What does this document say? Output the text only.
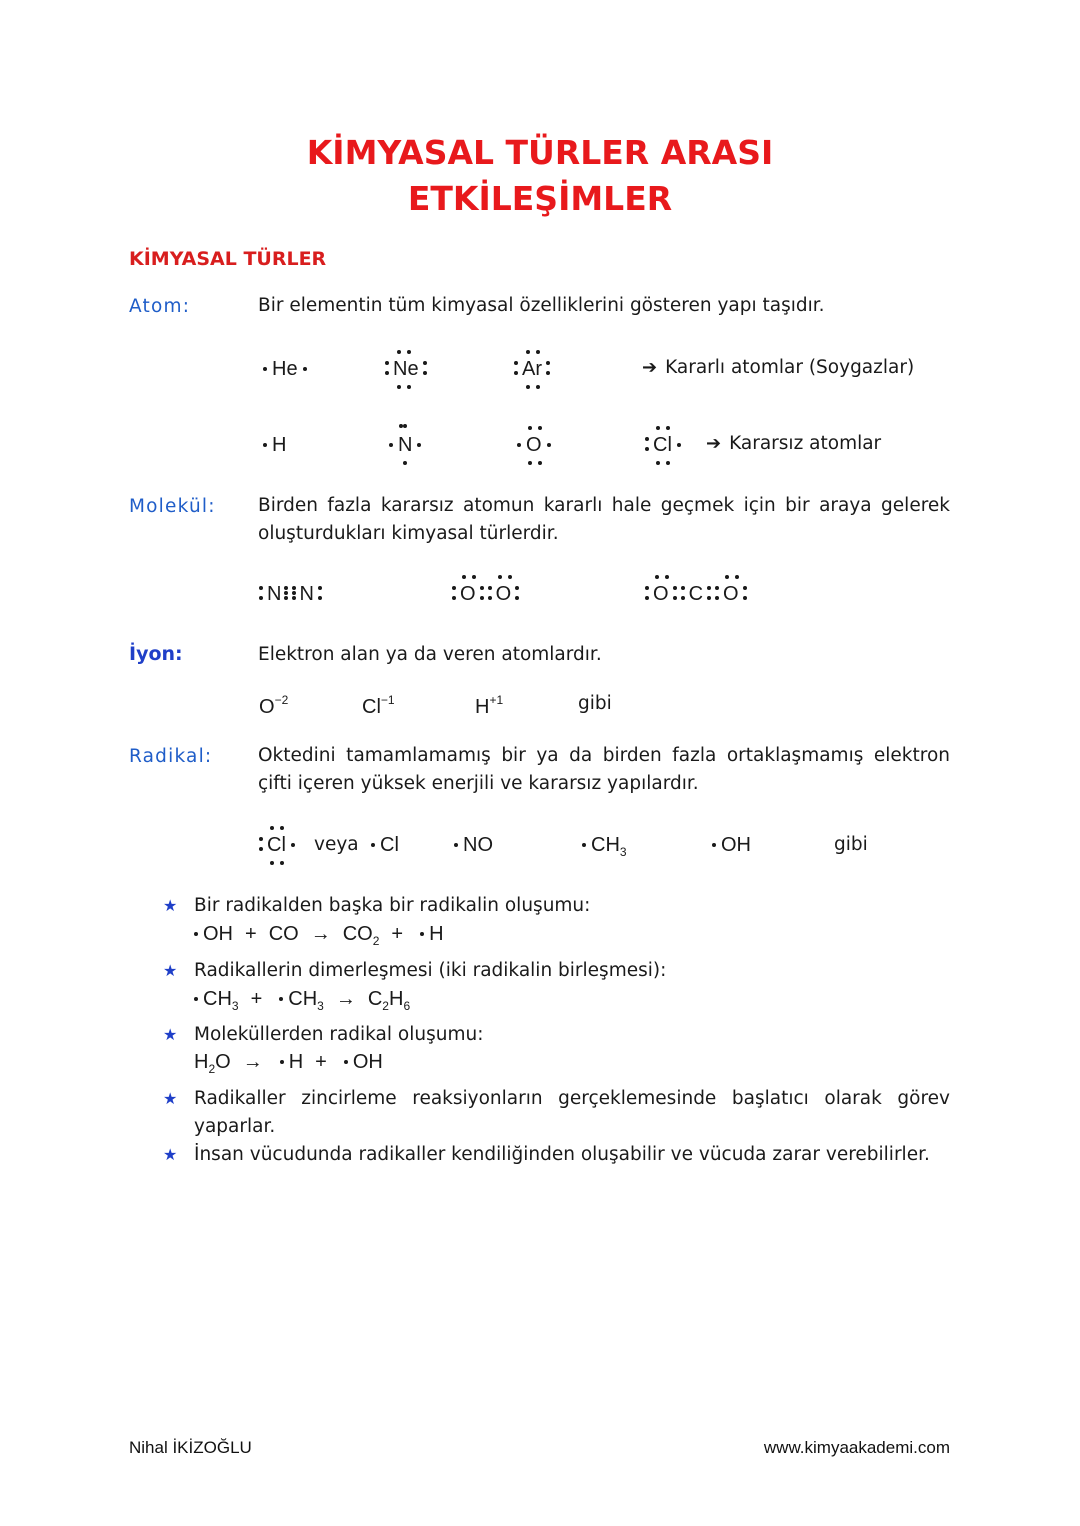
KİMYASAL TÜRLER ARASI
ETKİLEŞİMLER
KİMYASAL TÜRLER
Atom:	Bir elementin tüm kimyasal özelliklerini gösteren yapı taşıdır.
He	Ne	Ar	➔ Kararlı atomlar (Soygazlar)
H	N	O	Cl	➔ Kararsız atomlar
Molekül: Birden fazla kararsız atomun kararlı hale geçmek için bir araya gelerek oluşturdukları kimyasal türlerdir.
N N	O O	O C O
İyon:	Elektron alan ya da veren atomlardır.
$O^{-2}$	$Cl^{-1}$	$H^{+1}$	gibi
Radikal: Oktedini tamamlamamış bir ya da birden fazla ortaklaşmamış elektron çifti içeren yüksek enerjili ve kararsız yapılardır.
Cl	veya	Cl	NO	$CH_3$	OH	gibi
★ Bir radikalden başka bir radikalin oluşumu:
OH + CO → $CO_2 + H$
★ Radikallerin dimerleşmesi (iki radikalin birleşmesi):
$CH_3 + CH_3 \to C_2H_6$
★ Moleküllerden radikal oluşumu:
$H_2O \to H$ + OH
★ Radikaller zincirleme reaksiyonların gerçeklemesinde başlatıcı olarak görev yaparlar.
★ İnsan vücudunda radikaller kendiliğinden oluşabilir ve vücuda zarar verebilirler.
Nihal İKİZOĞLU	www.kimyaakademi.com
